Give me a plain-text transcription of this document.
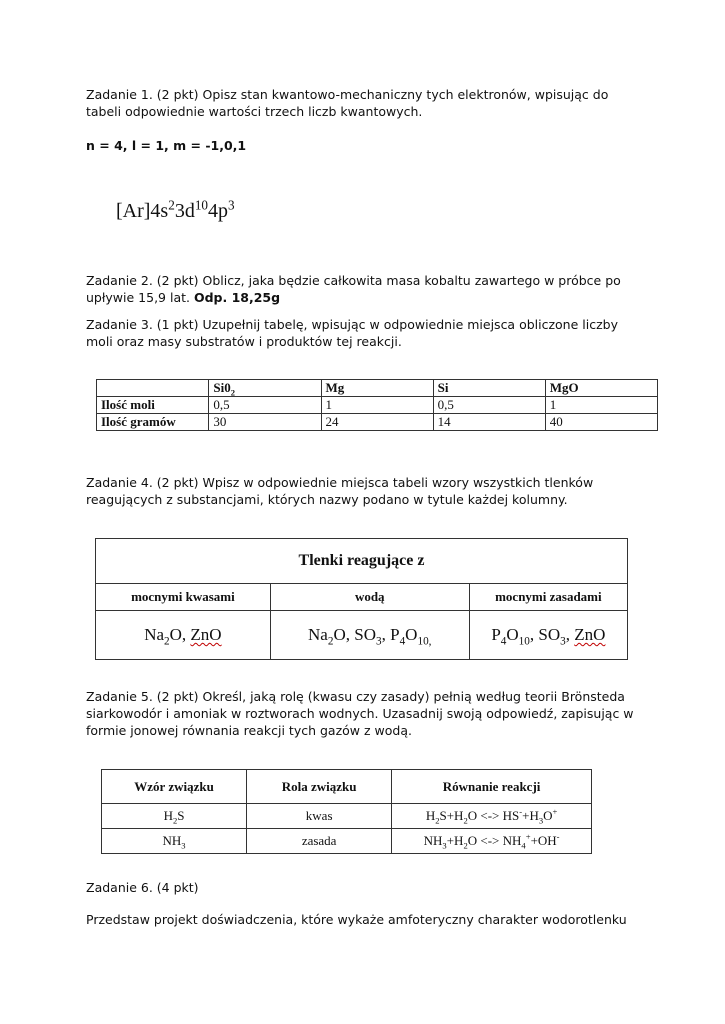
Zadanie 1. (2 pkt) Opisz stan kwantowo-mechaniczny tych elektronów, wpisując do tabeli odpowiednie wartości trzech liczb kwantowych.
n = 4, l = 1, m = -1,0,1
$[Ar]4s^23d^{10}4p^3$
Zadanie 2. (2 pkt) Oblicz, jaka będzie całkowita masa kobaltu zawartego w próbce po upływie 15,9 lat. Odp. 18,25g
Zadanie 3. (1 pkt) Uzupełnij tabelę, wpisując w odpowiednie miejsca obliczone liczby moli oraz masy substratów i produktów tej reakcji.
	$Si0_2$	Mg	Si	MgO
Ilość moli	0,5	1	0,5	1
Ilość gramów	30	24	14	40
Zadanie 4. (2 pkt) Wpisz w odpowiednie miejsca tabeli wzory wszystkich tlenków reagujących z substancjami, których nazwy podano w tytule każdej kolumny.
Tlenki reagujące z		
mocnymi kwasami	wodą	mocnymi zasadami
$Na_2O$, ZnO	$Na_2O$, $SO_3$, $P_4O_{10,}$	$P_4O_{10}$, $SO_3$, ZnO
Zadanie 5. (2 pkt) Określ, jaką rolę (kwasu czy zasady) pełnią według teorii Brönsteda siarkowodór i amoniak w roztworach wodnych. Uzasadnij swoją odpowiedź, zapisując w formie jonowej równania reakcji tych gazów z wodą.
Wzór związku	Rola związku	Równanie reakcji
$H_2S$	kwas	$H_2S+H_2O$ <-> $HS^-+H_3O^+$
$NH_3$	zasada	$NH_3+H_2O$ <-> $NH_4^++OH^-$
Zadanie 6. (4 pkt)
Przedstaw projekt doświadczenia, które wykaże amfoteryczny charakter wodorotlenku
